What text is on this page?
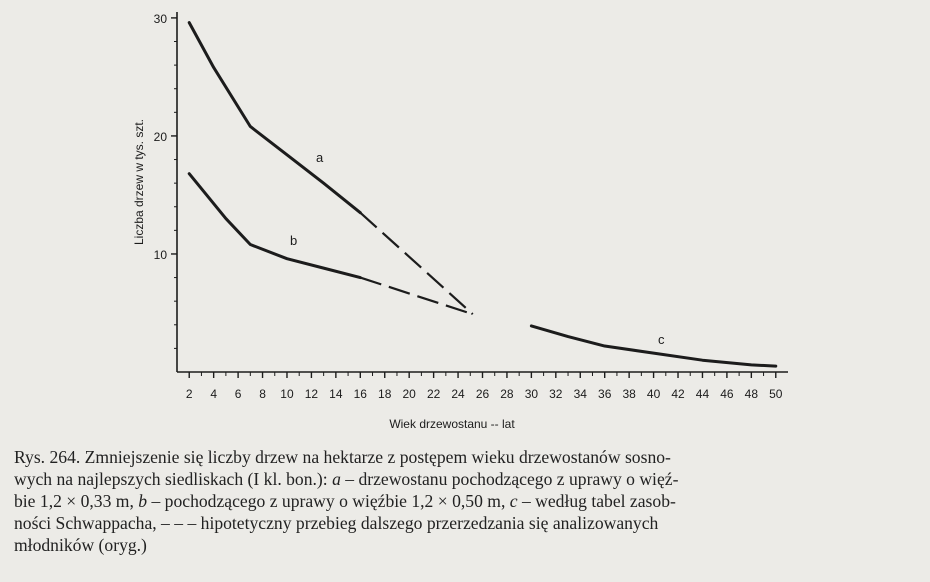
2 4 6 8 10 12 14 16 18 20 22 24 26 28 30 32 34 36 38 40 42 44 46 48 50
10
20
30
a
b
c
Wiek drzewostanu -- lat
Liczba drzew w tys. szt.
Rys. 264. Zmniejszenie się liczby drzew na hektarze z postępem wieku drzewostanów sosno-
wych na najlepszych siedliskach (I kl. bon.): a – drzewostanu pochodzącego z uprawy o więź-
bie 1,2 × 0,33 m, b – pochodzącego z uprawy o więźbie 1,2 × 0,50 m, c – według tabel zasob-
ności Schwappacha, – – – hipotetyczny przebieg dalszego przerzedzania się analizowanych
młodników (oryg.)
